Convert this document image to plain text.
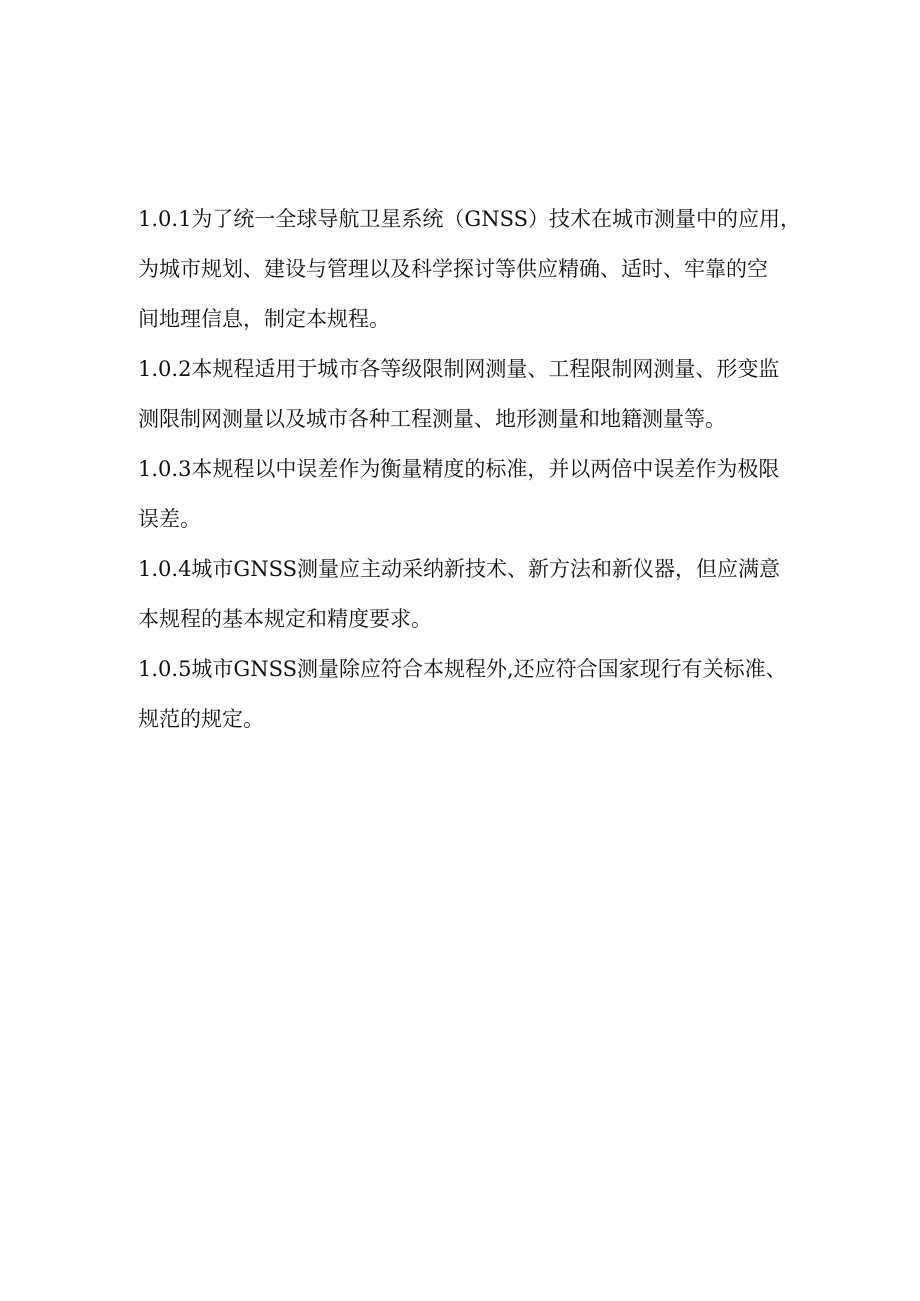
1.0.1为了统一全球导航卫星系统（GNSS）技术在城市测量中的应用，
为城市规划、建设与管理以及科学探讨等供应精确、适时、牢靠的空
间地理信息，制定本规程。

1.0.2本规程适用于城市各等级限制网测量、工程限制网测量、形变监
测限制网测量以及城市各种工程测量、地形测量和地籍测量等。

1.0.3本规程以中误差作为衡量精度的标准，并以两倍中误差作为极限
误差。

1.0.4城市GNSS测量应主动采纳新技术、新方法和新仪器，但应满意
本规程的基本规定和精度要求。

1.0.5城市GNSS测量除应符合本规程外,还应符合国家现行有关标准、
规范的规定。
